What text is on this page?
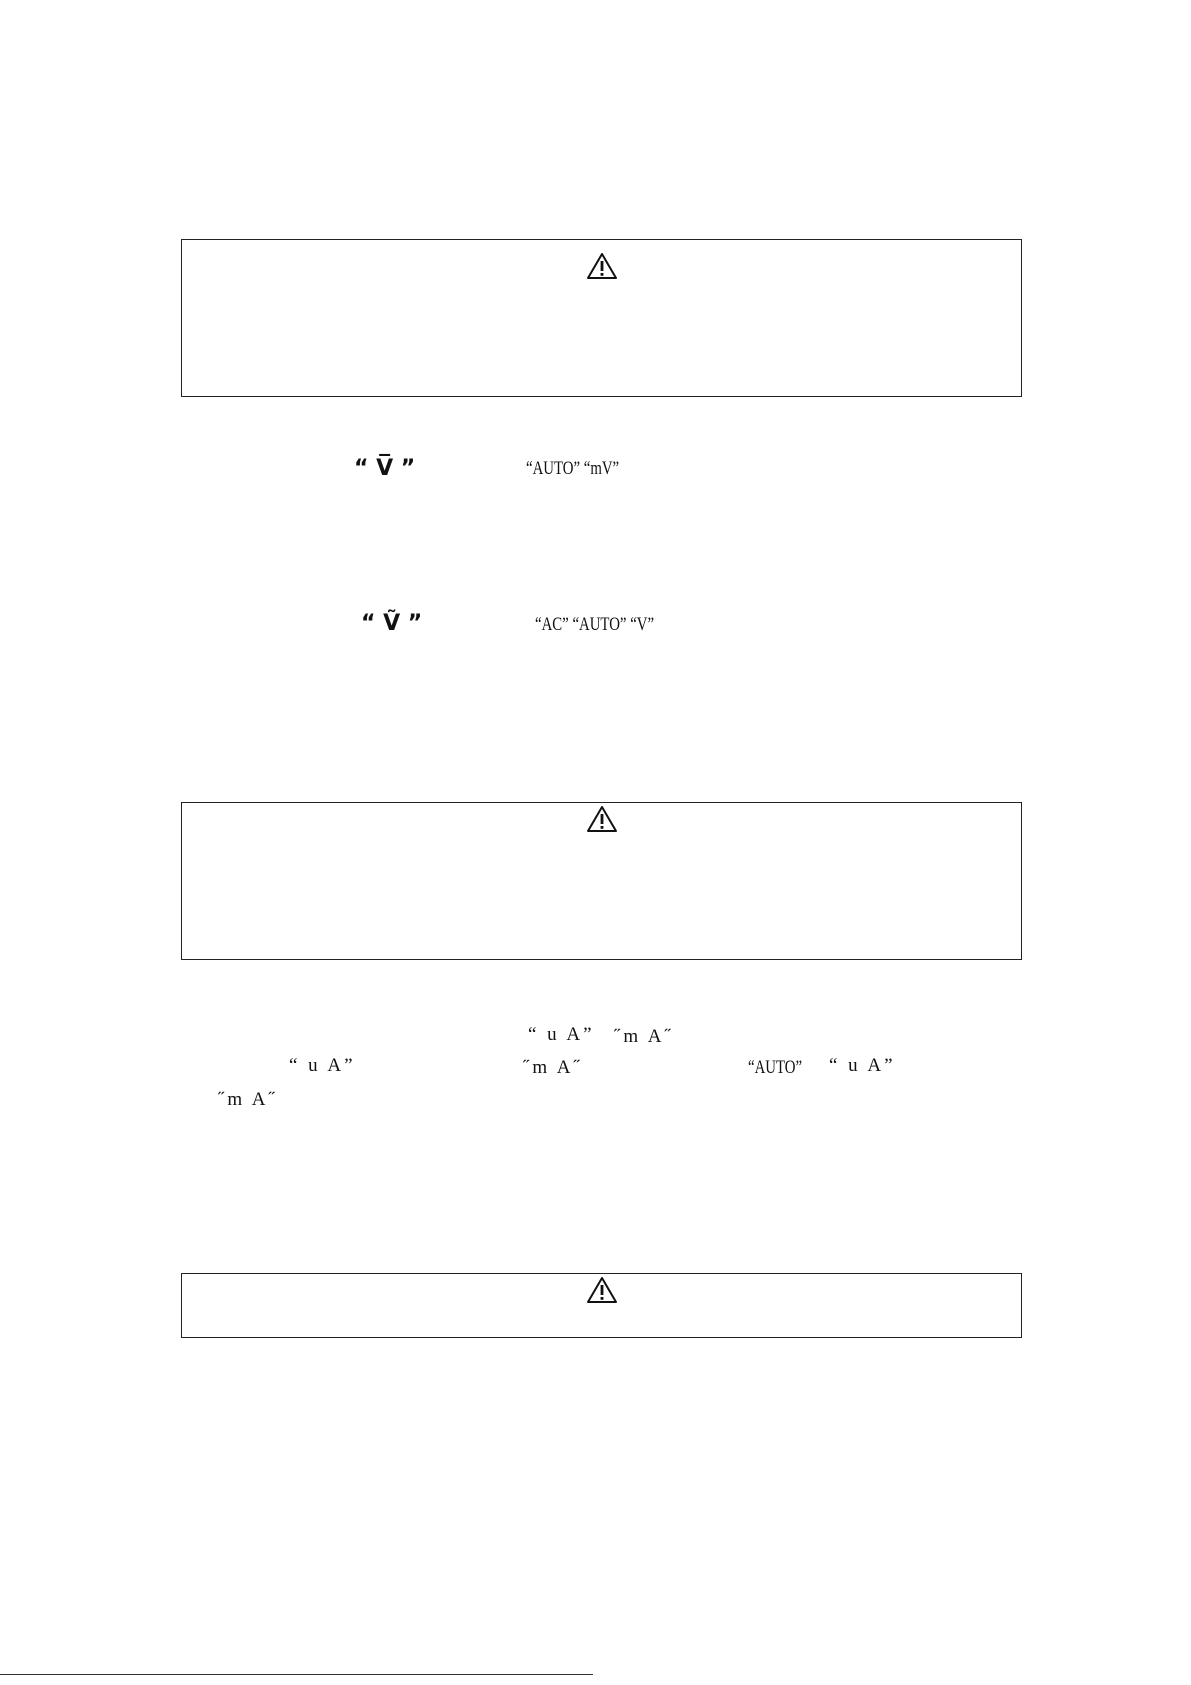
“ V̅ ”	“AUTO” “mV”
“ Ṽ ”	“AC” “AUTO” “V”
“ u A” ˝m A˝
“ u A”	˝m A˝	“AUTO”	“ u A”
˝m A˝
